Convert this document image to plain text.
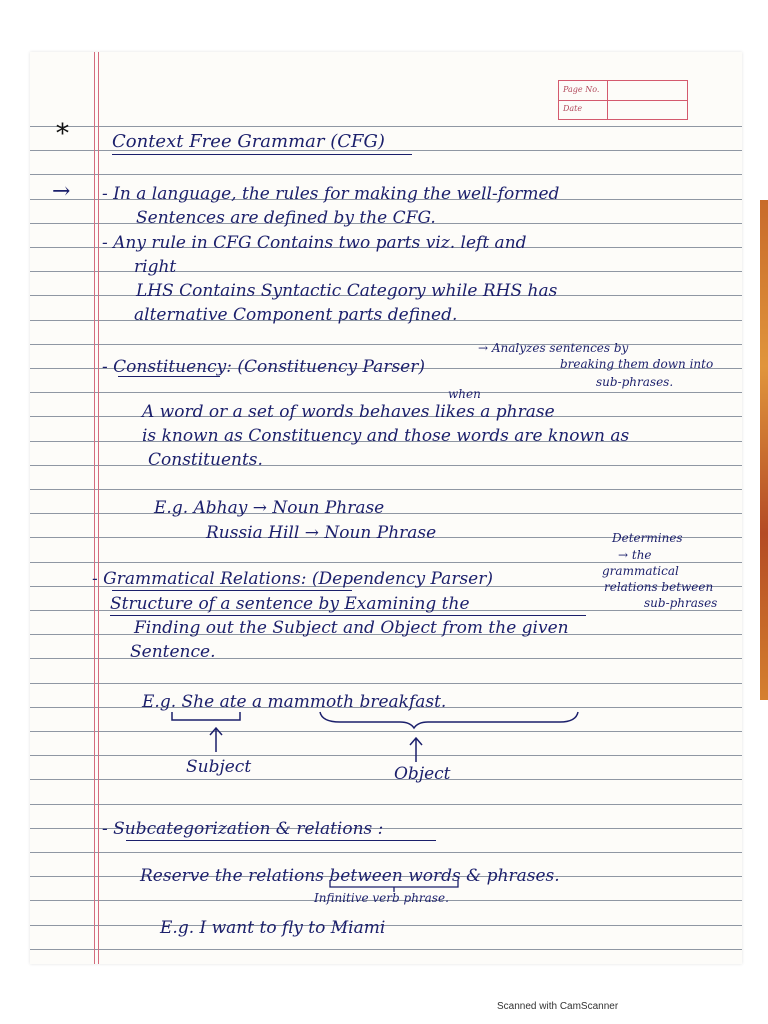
Page No.
Date
* Context Free Grammar (CFG)
→ - In a language, the rules for making the well-formed
Sentences are defined by the CFG.
- Any rule in CFG Contains two parts viz. left and
right
LHS Contains Syntactic Category while RHS has
alternative Component parts defined.
→ Analyzes sentences by
- Constituency: (Constituency Parser)	breaking them down into
sub-phrases.
when
A word or a set of words behaves likes a phrase
is known as Constituency and those words are known as
Constituents.
E.g. Abhay → Noun Phrase
Russia Hill → Noun Phrase	Determines
→ the
grammatical
relations between
sub-phrases
- Grammatical Relations: (Dependency Parser)
Structure of a sentence by Examining the
Finding out the Subject and Object from the given
Sentence.
E.g. She ate a mammoth breakfast.
Subject	Object
- Subcategorization & relations :
Reserve the relations between words & phrases.
Infinitive verb phrase.
E.g. I want to fly to Miami
Scanned with CamScanner
